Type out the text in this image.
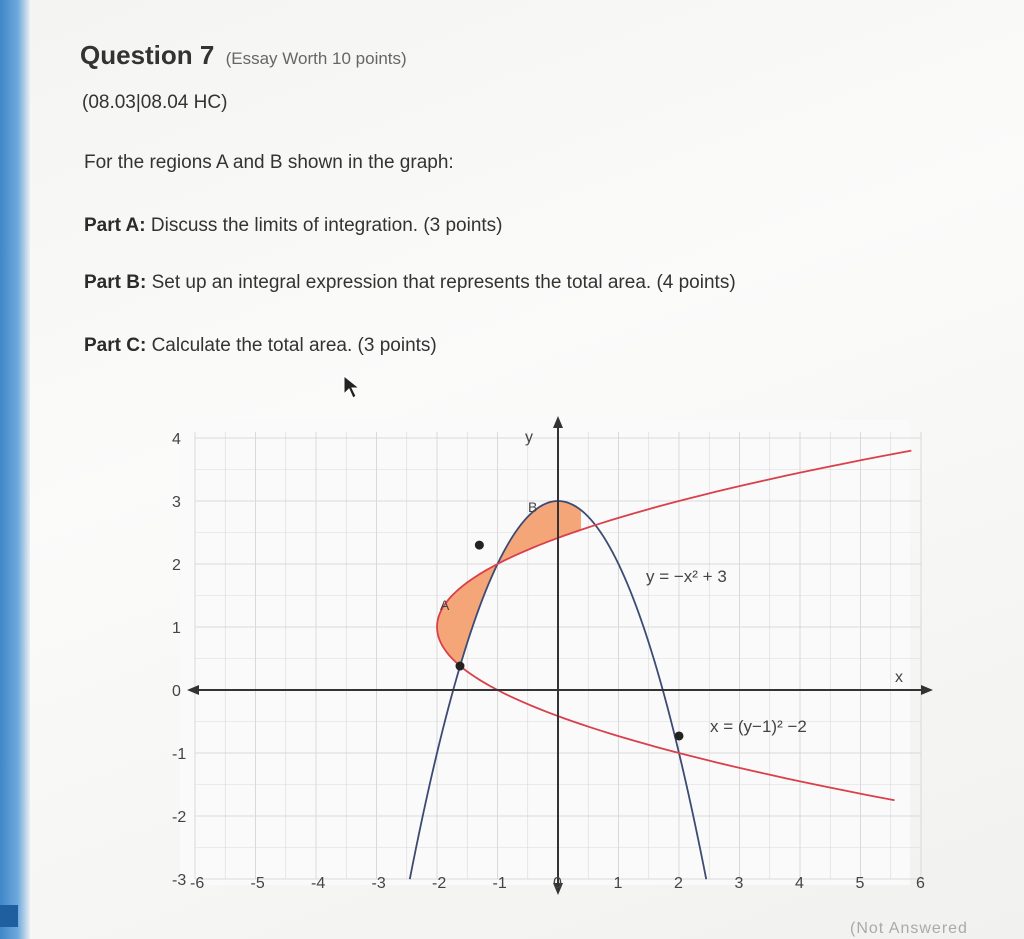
Question 7 (Essay Worth 10 points)
(08.03|08.04 HC)
For the regions A and B shown in the graph:
Part A: Discuss the limits of integration. (3 points)
Part B: Set up an integral expression that represents the total area. (4 points)
Part C: Calculate the total area. (3 points)
-6	-5	-4	-3	-2	-1	0	1	2	3	4	5	6
4
3
2
1
0
-1
-2
-3
y
x
A
B
y = −x² + 3
x = (y−1)² −2
(Not Answered
